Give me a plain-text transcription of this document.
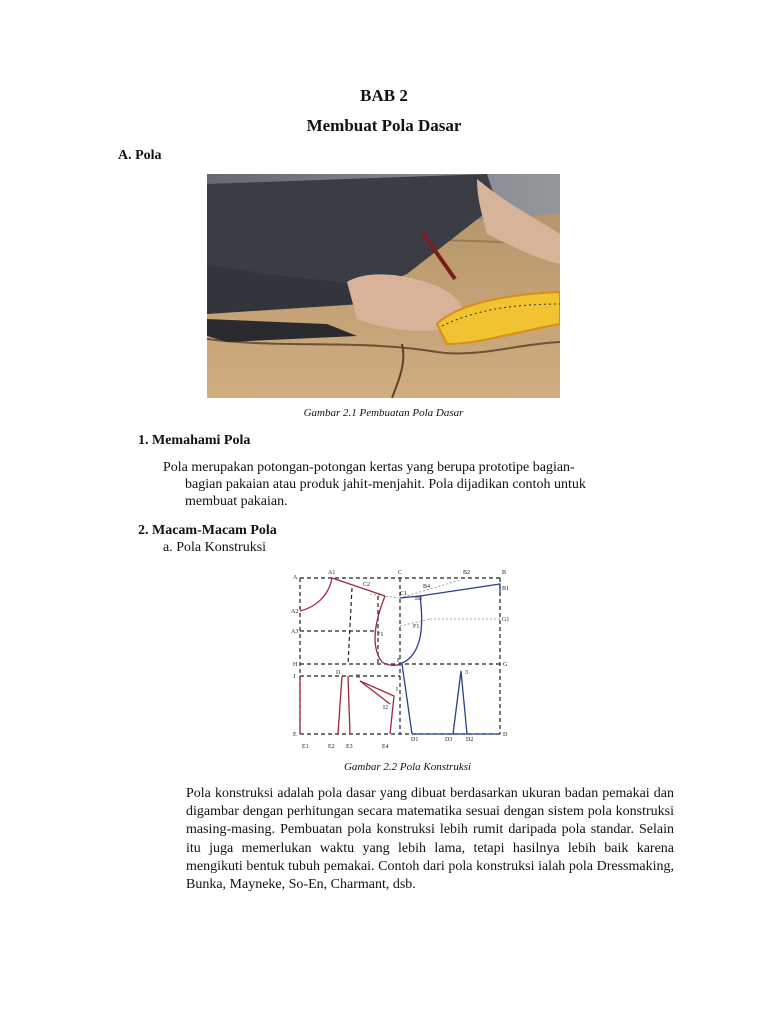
BAB 2
Membuat Pola Dasar
A. Pola
Gambar 2.1 Pembuatan Pola Dasar
1. Memahami Pola
Pola merupakan potongan-potongan kertas yang berupa prototipe bagian-
bagian pakaian atau produk jahit-menjahit. Pola dijadikan contoh untuk membuat pakaian.
2. Macam-Macam Pola
a. Pola Konstruksi
A
A1	C	B2	B
B1
C2	B4
C1
B3
A2
G1
A3	F1
F1
H
F
G
J
I1
K
I
3
I2
E	D
E1	E2 E3	E4
D1	D3 D2
Gambar 2.2 Pola Konstruksi
Pola konstruksi adalah pola dasar yang dibuat berdasarkan ukuran badan pemakai dan digambar dengan perhitungan secara matematika sesuai dengan sistem pola konstruksi masing-masing. Pembuatan pola konstruksi lebih rumit daripada pola standar. Selain itu juga memerlukan waktu yang lebih lama, tetapi hasilnya lebih baik karena mengikuti bentuk tubuh pemakai. Contoh dari pola konstruksi ialah pola Dressmaking, Bunka, Mayneke, So-En, Charmant, dsb.
